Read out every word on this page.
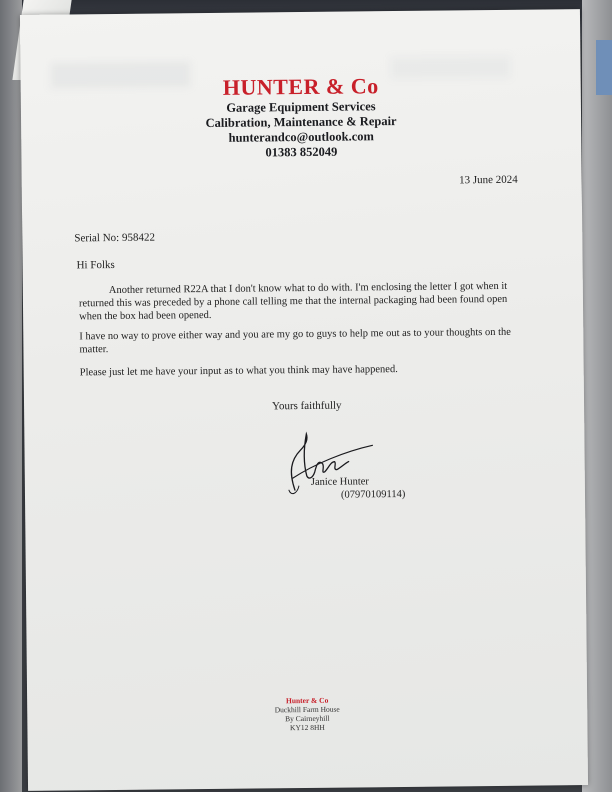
HUNTER & Co
Garage Equipment Services
Calibration, Maintenance & Repair
hunterandco@outlook.com
01383 852049
13 June 2024
Serial No: 958422
Hi Folks
Another returned R22A that I don't know what to do with. I'm enclosing the letter I got when it returned this was preceded by a phone call telling me that the internal packaging had been found open when the box had been opened.
I have no way to prove either way and you are my go to guys to help me out as to your thoughts on the matter.
Please just let me have your input as to what you think may have happened.
Yours faithfully
Janice Hunter
(07970109114)
Hunter & Co
Duckhill Farm House
By Cairneyhill
KY12 8HH
